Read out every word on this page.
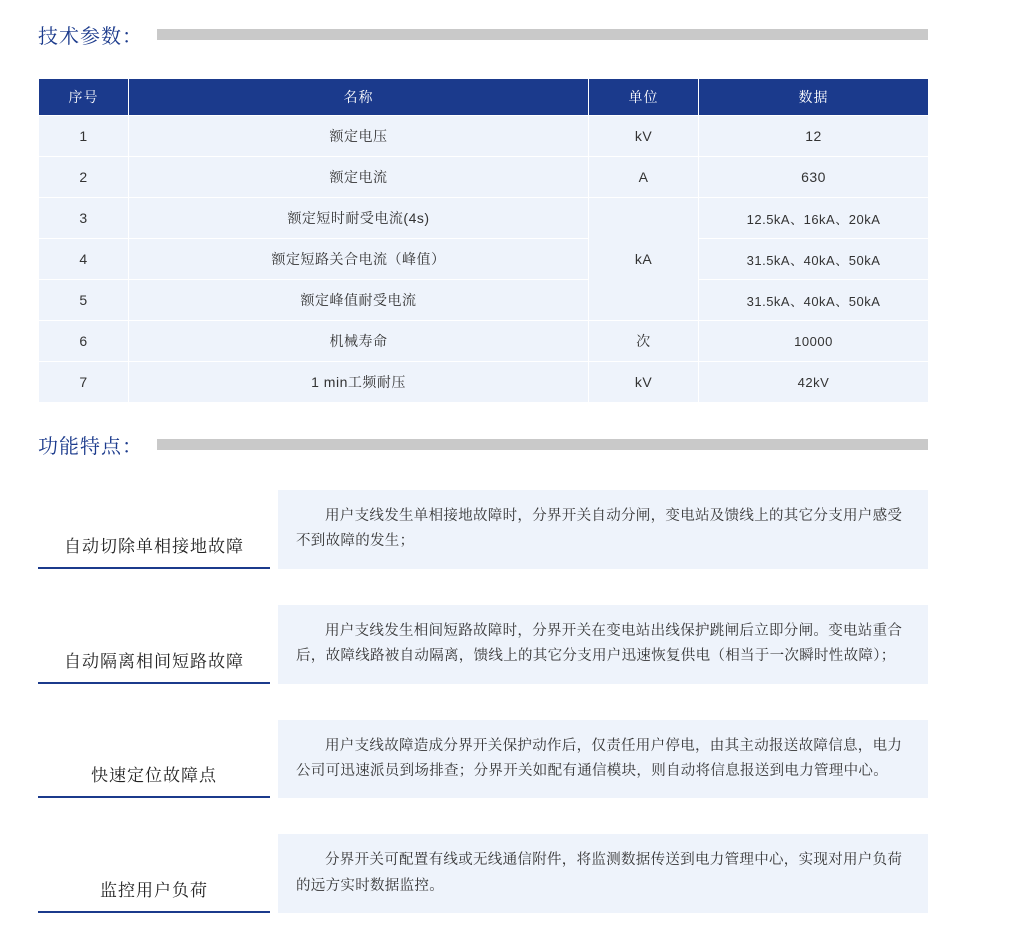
技术参数：
序号	名称	单位	数据
1	额定电压	kV	12
2	额定电流	A	630
3	额定短时耐受电流(4s)	kA	12.5kA、16kA、20kA
4	额定短路关合电流（峰值）		31.5kA、40kA、50kA
5	额定峰值耐受电流		31.5kA、40kA、50kA
6	机械寿命	次	10000
7	1 min工频耐压	kV	42kV
功能特点：
自动切除单相接地故障
用户支线发生单相接地故障时，分界开关自动分闸，变电站及馈线上的其它分支用户感受不到故障的发生；
自动隔离相间短路故障
用户支线发生相间短路故障时，分界开关在变电站出线保护跳闸后立即分闸。变电站重合后，故障线路被自动隔离，馈线上的其它分支用户迅速恢复供电（相当于一次瞬时性故障）；
快速定位故障点
用户支线故障造成分界开关保护动作后，仅责任用户停电，由其主动报送故障信息，电力公司可迅速派员到场排查；分界开关如配有通信模块，则自动将信息报送到电力管理中心。
监控用户负荷
分界开关可配置有线或无线通信附件，将监测数据传送到电力管理中心，实现对用户负荷的远方实时数据监控。
